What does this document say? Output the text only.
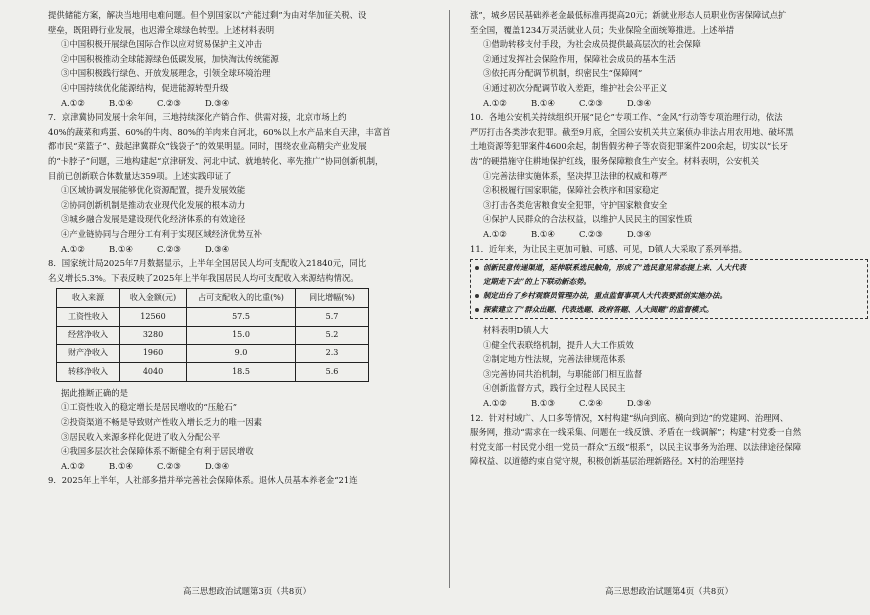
提供储能方案，解决当地用电难问题。但个别国家以“产能过剩”为由对华加征关税、设
壁垒，既阻碍行业发展，也迟滞全球绿色转型。上述材料表明
①中国积极开展绿色国际合作以应对贸易保护主义冲击
②中国积极推动全球能源绿色低碳发展，加快淘汰传统能源
③中国积极践行绿色、开放发展理念，引领全球环境治理
④中国持续优化能源结构，促进能源转型升级
A.①②	B.①④	C.②③	D.③④
7．京津冀协同发展十余年间，三地持续深化产销合作、供需对接，北京市场上约
40%的蔬菜和鸡蛋、60%的牛肉、80%的羊肉来自河北，60%以上水产品来自天津，丰富首
都市民“菜篮子”、鼓起津冀群众“钱袋子”的效果明显。同时，围绕农业高精尖产业发展
的“卡脖子”问题，三地构建起“京津研发、河北中试、就地转化、率先推广”协同创新机制，
目前已创新联合体数量达359项。上述实践印证了
①区域协调发展能够优化资源配置，提升发展效能
②协同创新机制是推动农业现代化发展的根本动力
③城乡融合发展是建设现代化经济体系的有效途径
④产业链协同与合理分工有利于实现区域经济优势互补
A.①②	B.①④	C.②③	D.③④
8．国家统计局2025年7月数据显示，上半年全国居民人均可支配收入21840元，同比
名义增长5.3%。下表反映了2025年上半年我国居民人均可支配收入来源结构情况。
收入来源	收入金额(元)	占可支配收入的比重(%)	同比增幅(%)
工资性收入	12560	57.5	5.7
经营净收入	3280	15.0	5.2
财产净收入	1960	9.0	2.3
转移净收入	4040	18.5	5.6
据此推断正确的是
①工资性收入的稳定增长是居民增收的“压舱石”
②投资渠道不畅是导致财产性收入增长乏力的唯一因素
③居民收入来源多样化促进了收入分配公平
④我国多层次社会保障体系不断健全有利于居民增收
A.①②	B.①④	C.②③	D.③④
9．2025年上半年，人社部多措并举完善社会保障体系。退休人员基本养老金“21连
高三思想政治试题第3页（共8页）
涨”，城乡居民基础养老金最低标准再提高20元；新就业形态人员职业伤害保障试点扩
至全国，覆盖1234万灵活就业人员；失业保险全面统筹推进。上述举措
①借助转移支付手段，为社会成员提供最高层次的社会保障
②通过发挥社会保险作用，保障社会成员的基本生活
③依托再分配调节机制，织密民生“保障网”
④通过初次分配调节收入差距，维护社会公平正义
A.①②	B.①④	C.②③	D.③④
10．各地公安机关持续组织开展“昆仑”专项工作、“金风”行动等专项治理行动，依法
严厉打击各类涉农犯罪。截至9月底，全国公安机关共立案侦办非法占用农用地、破坏黑
土地资源等犯罪案件4600余起，制售假劣种子等农资犯罪案件200余起，切实以“长牙
齿”的硬措施守住耕地保护红线，服务保障粮食生产安全。材料表明，公安机关
①完善法律实施体系，坚决捍卫法律的权威和尊严
②积极履行国家职能，保障社会秩序和国家稳定
③打击各类危害粮食安全犯罪，守护国家粮食安全
④保护人民群众的合法权益，以维护人民民主的国家性质
A.①②	B.①④	C.②③	D.③④
11．近年来，为让民主更加可触、可感、可见，D镇人大采取了系列举措。
创新民意传递渠道，延伸联系选民触角，形成了“选民意见常态提上来、人大代表
定期走下去”的上下联动新态势。
制定出台了乡村观察员管理办法，重点监督事项人大代表要派创实施办法。
探索建立了“群众出题、代表选题、政府答题、人大阅题”的监督模式。
材料表明D镇人大
①健全代表联络机制，提升人大工作质效
②制定地方性法规，完善法律规范体系
③完善协同共治机制，与职能部门相互监督
④创新监督方式，践行全过程人民民主
A.①②	B.①③	C.②④	D.③④
12．针对村域广、人口多等情况，X村构建“纵向到底、横向到边”的党建网、治理网、
服务网，推动“需求在一线采集、问题在一线反馈、矛盾在一线调解”；构建“村党委一自然
村党支部一村民党小组一党员一群众”五级“根系”，以民主议事务为治理、以法律途径保障
障权益、以道德约束自觉守规，积极创新基层治理新路径。X村的治理坚持
高三思想政治试题第4页（共8页）
